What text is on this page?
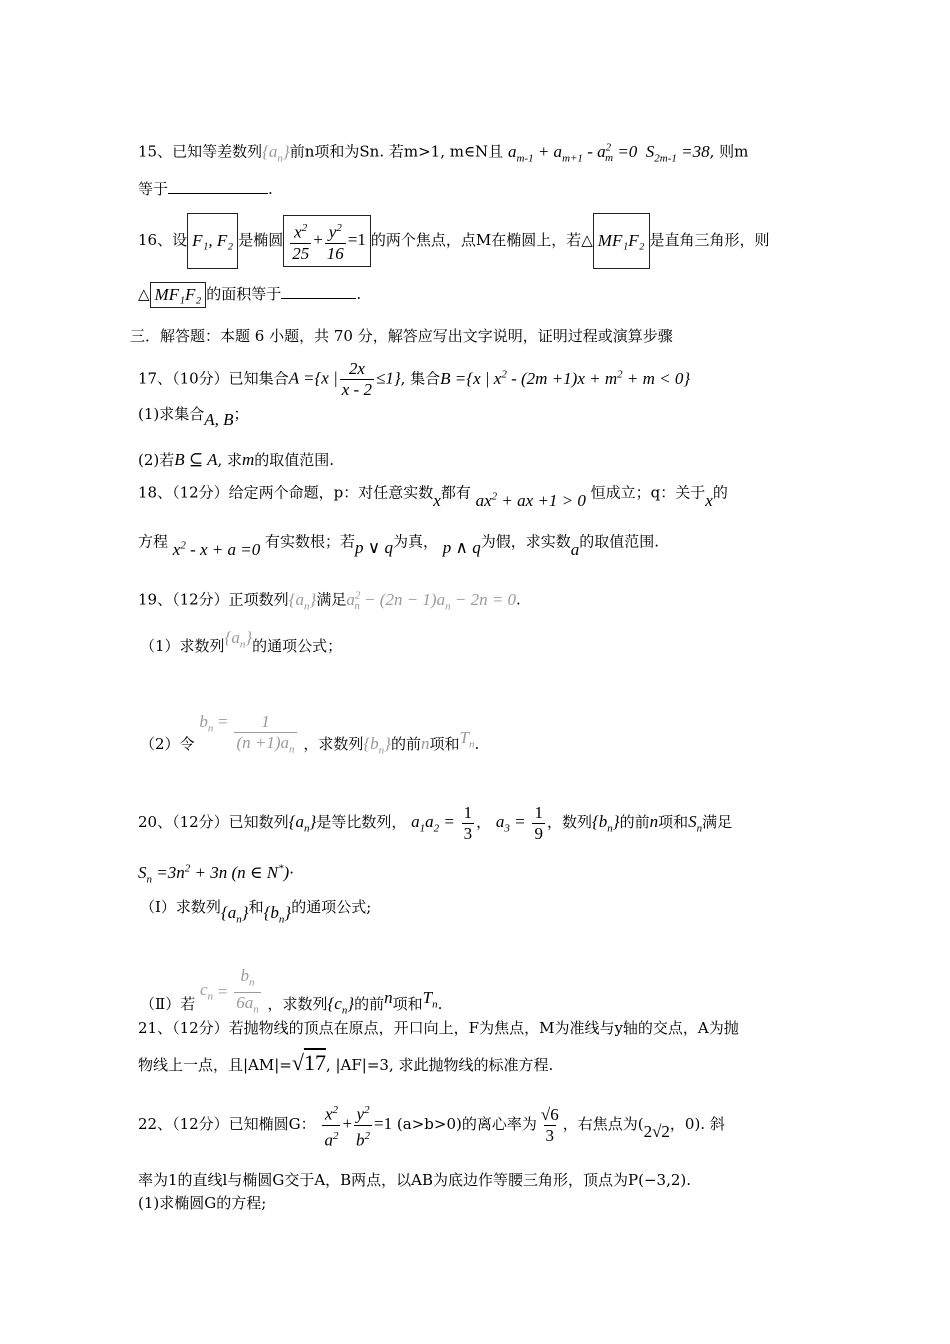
15、已知等差数列$\{a_n\}$前n项和为Sn. 若m>1, m∈N且 $a_{m-1} + a_{m+1} - a^2_m =0$ $S_{2m-1} =38$, 则m
等于	.
16、设 F₁, F₂ 是椭圆 $\frac{x^2}{25} + \frac{y^2}{16} =1$ 的两个焦点，点M在椭圆上，若△ MF₁F₂ 是直角三角形，则
△ MF₁F₂ 的面积等于	.
三．解答题：本题 6 小题，共 70 分，解答应写出文字说明，证明过程或演算步骤
17、（10分）已知集合A ={x | $\frac{2x}{x - 2} \le 1$}, 集合B ={x | $x^2 - (2m +1)x + m^2 + m < 0$}
(1)求集合A, B；
(2)若B ⊆ A, 求m的取值范围.
18、（12分）给定两个命题，p：对任意实数x都有 $ax^2$ + ax +1 > 0 恒成立；q：关于x的
方程 $x^2 - x + a =0$ 有实数根；若p ∨ q为真， p ∧ q为假，求实数a的取值范围.
19、（12分）正项数列$\{a_n\}$满足$a^2_n - (2n - 1)a_n - 2n = 0$.
（1）求数列$\{a_n\}$的通项公式；
（2）令 $b_n = \frac{1}{(n +1)a_n}$ ，求数列$\{b_n\}$的前n项和$T_n$.
20、（12分）已知数列$\{a_n\}$是等比数列， $a_1a_2 = \frac{1}{3}$ ， $a_3 = \frac{1}{9}$ ，数列$\{b_n\}$的前n项和$S_n$满足
$S_n =3n^2 + 3n$ (n ∈ N*)·
（Ⅰ）求数列$\{a_n\}$和$\{b_n\}$的通项公式;
（Ⅱ）若 $c_n = \frac{b_n}{6a_n}$ ，求数列$\{c_n\}$的前n项和$T_n$.
21、（12分）若抛物线的顶点在原点，开口向上，F为焦点，M为准线与y轴的交点，A为抛
物线上一点，且|AM|=√17, |AF|=3, 求此抛物线的标准方程.
22、（12分）已知椭圆G： $\frac{x^2}{a^2} + \frac{y^2}{b^2} =1$ (a>b>0)的离心率为 $\frac{√6}{3}$ ，右焦点为(2√2，0). 斜
率为1的直线l与椭圆G交于A，B两点，以AB为底边作等腰三角形，顶点为P(−3,2).
(1)求椭圆G的方程;
